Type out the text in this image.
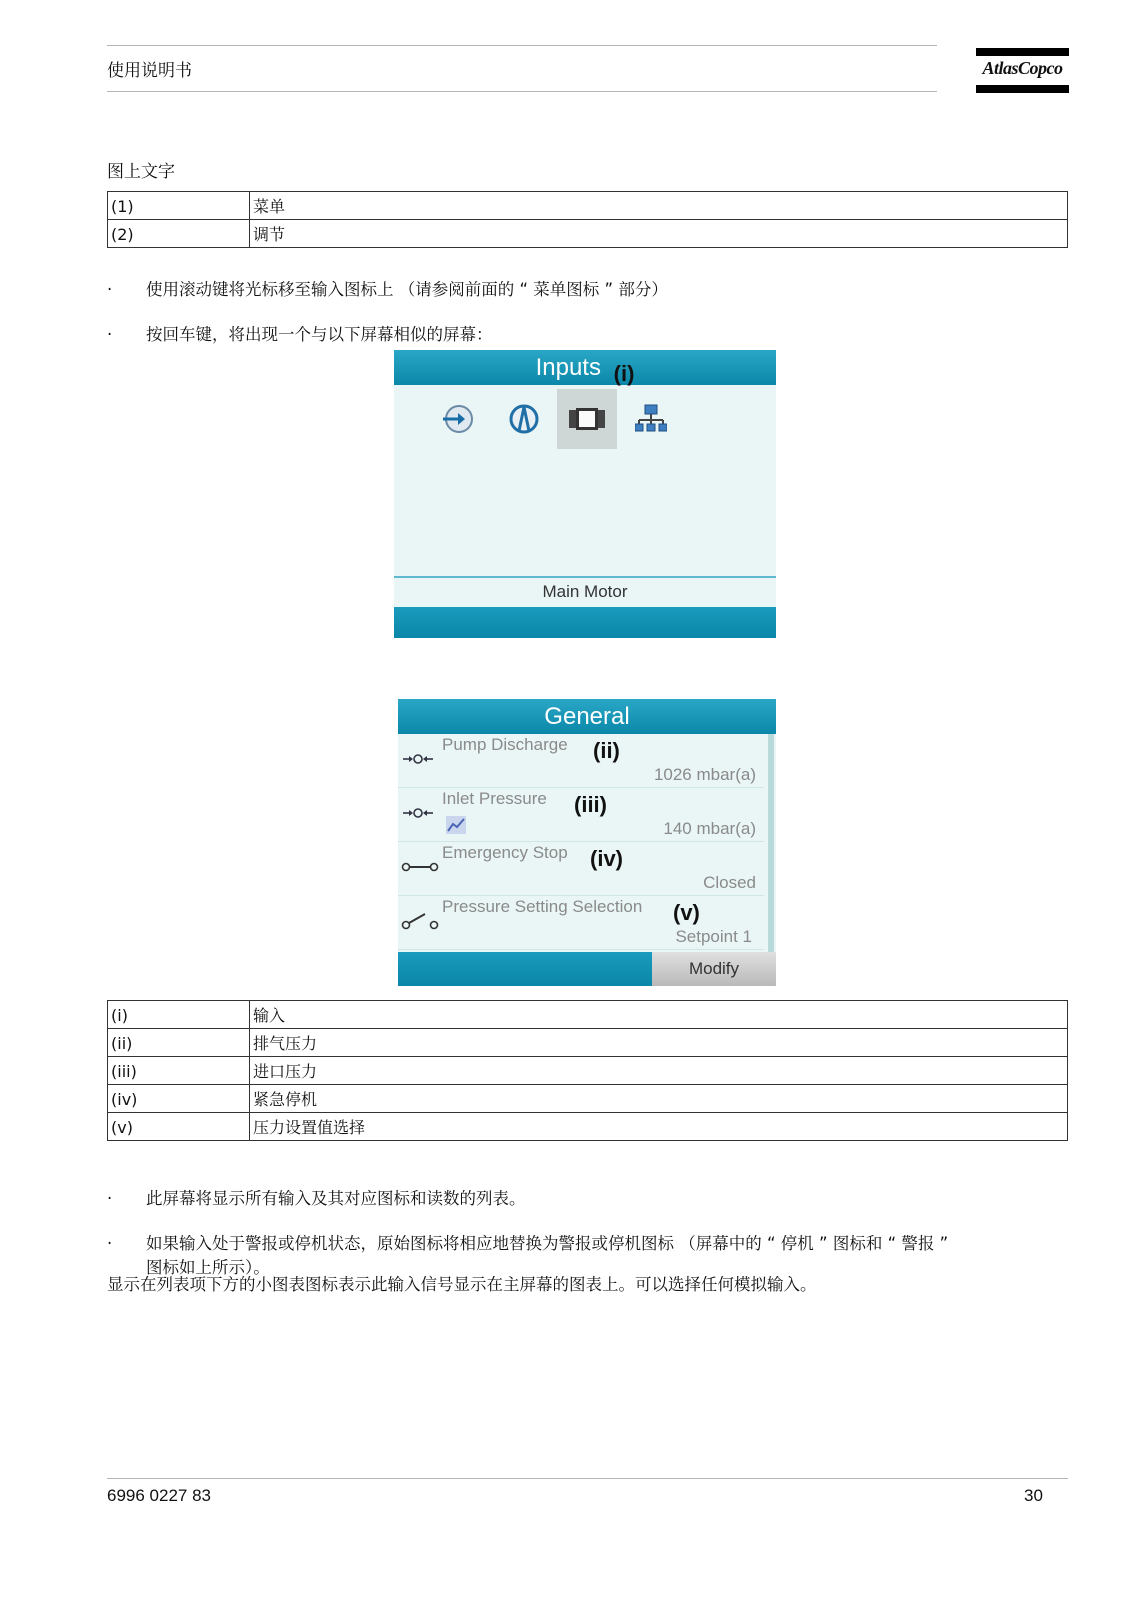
使用说明书	AtlasCopco
图上文字
(1)	菜单
(2)	调节
· 使用滚动键将光标移至输入图标上 （请参阅前面的 “ 菜单图标 ” 部分）
· 按回车键，将出现一个与以下屏幕相似的屏幕：
Inputs (i)
Main Motor
General
Pump Discharge (ii)
1026 mbar(a)
Inlet Pressure (iii)
140 mbar(a)
Emergency Stop (iv)
Closed
Pressure Setting Selection (v)
Setpoint 1
Modify
(i)	输入
(ii)	排气压力
(iii)	进口压力
(iv)	紧急停机
(v)	压力设置值选择
· 此屏幕将显示所有输入及其对应图标和读数的列表。
· 如果输入处于警报或停机状态，原始图标将相应地替换为警报或停机图标 （屏幕中的 “ 停机 ” 图标和 “ 警报 ”
图标如上所示）。
显示在列表项下方的小图表图标表示此输入信号显示在主屏幕的图表上。可以选择任何模拟输入。
6996 0227 83	30
